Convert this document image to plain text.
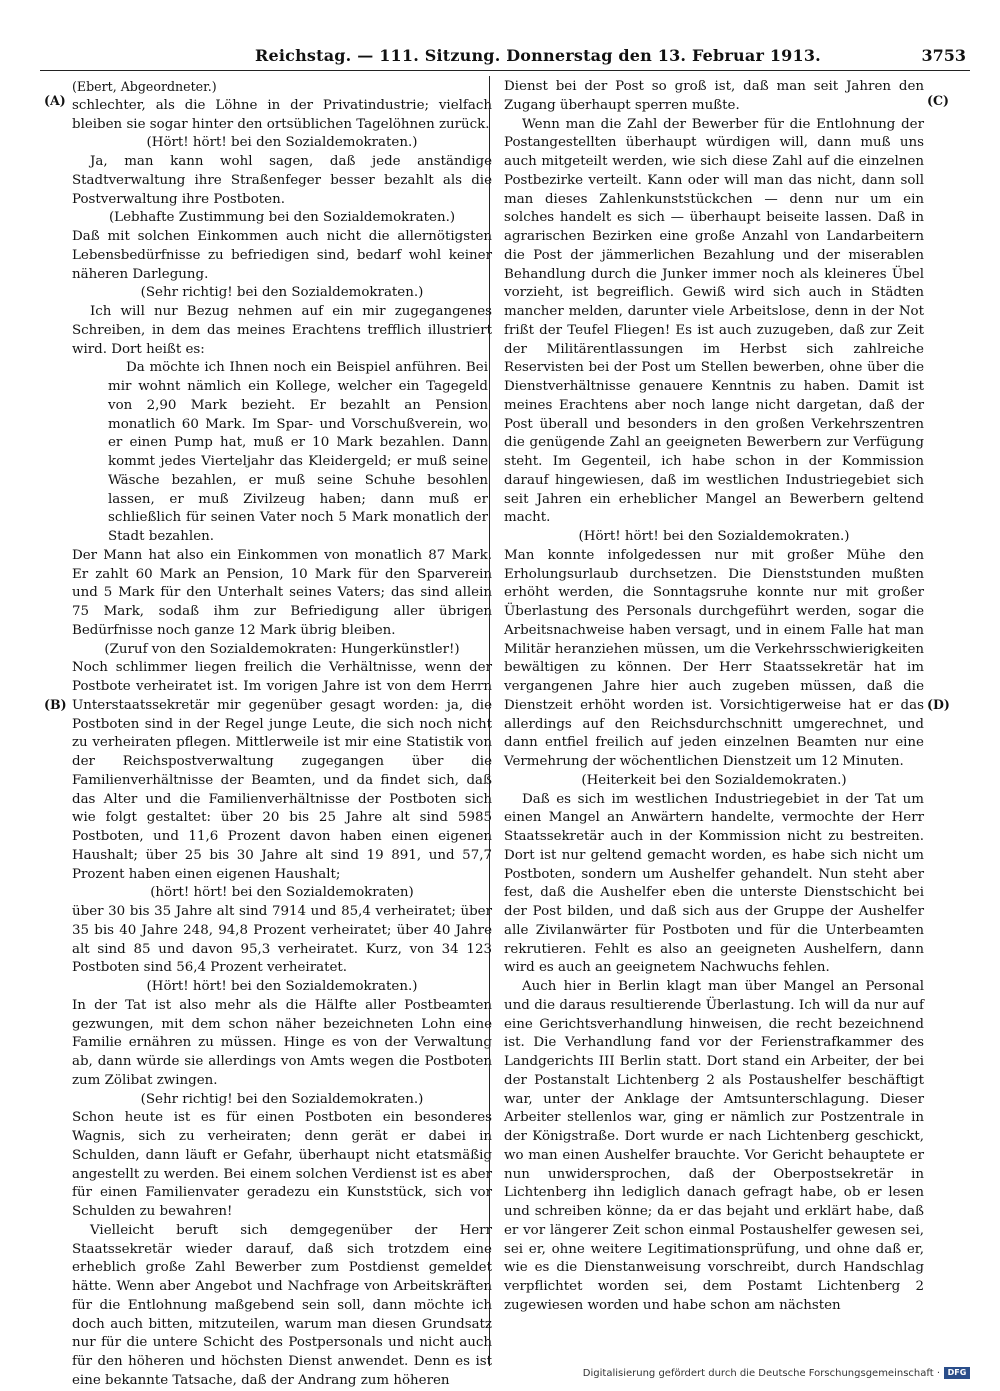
Reichstag. — 111. Sitzung. Donnerstag den 13. Februar 1913.	3753
(A)
(B)
(C)
(D)

(Ebert, Abgeordneter.)

schlechter, als die Löhne in der Privatindustrie; vielfach bleiben sie sogar hinter den ortsüblichen Tagelöhnen zurück.

(Hört! hört! bei den Sozialdemokraten.)

Ja, man kann wohl sagen, daß jede anständige Stadtverwaltung ihre Straßenfeger besser bezahlt als die Postverwaltung ihre Postboten.

(Lebhafte Zustimmung bei den Sozialdemokraten.)

Daß mit solchen Einkommen auch nicht die allernötigsten Lebensbedürfnisse zu befriedigen sind, bedarf wohl keiner näheren Darlegung.

(Sehr richtig! bei den Sozialdemokraten.)

Ich will nur Bezug nehmen auf ein mir zugegangenes Schreiben, in dem das meines Erachtens trefflich illustriert wird. Dort heißt es:

Da möchte ich Ihnen noch ein Beispiel anführen. Bei mir wohnt nämlich ein Kollege, welcher ein Tagegeld von 2,90 Mark bezieht. Er bezahlt an Pension monatlich 60 Mark. Im Spar- und Vorschußverein, wo er einen Pump hat, muß er 10 Mark bezahlen. Dann kommt jedes Vierteljahr das Kleidergeld; er muß seine Wäsche bezahlen, er muß seine Schuhe besohlen lassen, er muß Zivilzeug haben; dann muß er schließlich für seinen Vater noch 5 Mark monatlich der Stadt bezahlen.

Der Mann hat also ein Einkommen von monatlich 87 Mark. Er zahlt 60 Mark an Pension, 10 Mark für den Sparverein und 5 Mark für den Unterhalt seines Vaters; das sind allein 75 Mark, sodaß ihm zur Befriedigung aller übrigen Bedürfnisse noch ganze 12 Mark übrig bleiben.

(Zuruf von den Sozialdemokraten: Hungerkünstler!)

Noch schlimmer liegen freilich die Verhältnisse, wenn der Postbote verheiratet ist. Im vorigen Jahre ist von dem Herrn Unterstaatssekretär mir gegenüber gesagt worden: ja, die Postboten sind in der Regel junge Leute, die sich noch nicht zu verheiraten pflegen. Mittlerweile ist mir eine Statistik von der Reichspostverwaltung zugegangen über die Familienverhältnisse der Beamten, und da findet sich, daß das Alter und die Familienverhältnisse der Postboten sich wie folgt gestaltet: über 20 bis 25 Jahre alt sind 5985 Postboten, und 11,6 Prozent davon haben einen eigenen Haushalt; über 25 bis 30 Jahre alt sind 19 891, und 57,7 Prozent haben einen eigenen Haushalt;

(hört! hört! bei den Sozialdemokraten)

über 30 bis 35 Jahre alt sind 7914 und 85,4 verheiratet; über 35 bis 40 Jahre 248, 94,8 Prozent verheiratet; über 40 Jahre alt sind 85 und davon 95,3 verheiratet. Kurz, von 34 123 Postboten sind 56,4 Prozent verheiratet.

(Hört! hört! bei den Sozialdemokraten.)

In der Tat ist also mehr als die Hälfte aller Postbeamten gezwungen, mit dem schon näher bezeichneten Lohn eine Familie ernähren zu müssen. Hinge es von der Verwaltung ab, dann würde sie allerdings von Amts wegen die Postboten zum Zölibat zwingen.

(Sehr richtig! bei den Sozialdemokraten.)

Schon heute ist es für einen Postboten ein besonderes Wagnis, sich zu verheiraten; denn gerät er dabei in Schulden, dann läuft er Gefahr, überhaupt nicht etatsmäßig angestellt zu werden. Bei einem solchen Verdienst ist es aber für einen Familienvater geradezu ein Kunststück, sich vor Schulden zu bewahren!

Vielleicht beruft sich demgegenüber der Herr Staatssekretär wieder darauf, daß sich trotzdem eine erheblich große Zahl Bewerber zum Postdienst gemeldet hätte. Wenn aber Angebot und Nachfrage von Arbeitskräften für die Entlohnung maßgebend sein soll, dann möchte ich doch auch bitten, mitzuteilen, warum man diesen Grundsatz nur für die untere Schicht des Postpersonals und nicht auch für den höheren und höchsten Dienst anwendet. Denn es ist eine bekannte Tatsache, daß der Andrang zum höheren

Dienst bei der Post so groß ist, daß man seit Jahren den Zugang überhaupt sperren mußte.

Wenn man die Zahl der Bewerber für die Entlohnung der Postangestellten überhaupt würdigen will, dann muß uns auch mitgeteilt werden, wie sich diese Zahl auf die einzelnen Postbezirke verteilt. Kann oder will man das nicht, dann soll man dieses Zahlenkunststückchen — denn nur um ein solches handelt es sich — überhaupt beiseite lassen. Daß in agrarischen Bezirken eine große Anzahl von Landarbeitern die Post der jämmerlichen Bezahlung und der miserablen Behandlung durch die Junker immer noch als kleineres Übel vorzieht, ist begreiflich. Gewiß wird sich auch in Städten mancher melden, darunter viele Arbeitslose, denn in der Not frißt der Teufel Fliegen! Es ist auch zuzugeben, daß zur Zeit der Militärentlassungen im Herbst sich zahlreiche Reservisten bei der Post um Stellen bewerben, ohne über die Dienstverhältnisse genauere Kenntnis zu haben. Damit ist meines Erachtens aber noch lange nicht dargetan, daß der Post überall und besonders in den großen Verkehrszentren die genügende Zahl an geeigneten Bewerbern zur Verfügung steht. Im Gegenteil, ich habe schon in der Kommission darauf hingewiesen, daß im westlichen Industriegebiet sich seit Jahren ein erheblicher Mangel an Bewerbern geltend macht.

(Hört! hört! bei den Sozialdemokraten.)

Man konnte infolgedessen nur mit großer Mühe den Erholungsurlaub durchsetzen. Die Dienststunden mußten erhöht werden, die Sonntagsruhe konnte nur mit großer Überlastung des Personals durchgeführt werden, sogar die Arbeitsnachweise haben versagt, und in einem Falle hat man Militär heranziehen müssen, um die Verkehrsschwierigkeiten bewältigen zu können. Der Herr Staatssekretär hat im vergangenen Jahre hier auch zugeben müssen, daß die Dienstzeit erhöht worden ist. Vorsichtigerweise hat er das allerdings auf den Reichsdurchschnitt umgerechnet, und dann entfiel freilich auf jeden einzelnen Beamten nur eine Vermehrung der wöchentlichen Dienstzeit um 12 Minuten.

(Heiterkeit bei den Sozialdemokraten.)

Daß es sich im westlichen Industriegebiet in der Tat um einen Mangel an Anwärtern handelte, vermochte der Herr Staatssekretär auch in der Kommission nicht zu bestreiten. Dort ist nur geltend gemacht worden, es habe sich nicht um Postboten, sondern um Aushelfer gehandelt. Nun steht aber fest, daß die Aushelfer eben die unterste Dienstschicht bei der Post bilden, und daß sich aus der Gruppe der Aushelfer alle Zivilanwärter für Postboten und für die Unterbeamten rekrutieren. Fehlt es also an geeigneten Aushelfern, dann wird es auch an geeignetem Nachwuchs fehlen.

Auch hier in Berlin klagt man über Mangel an Personal und die daraus resultierende Überlastung. Ich will da nur auf eine Gerichtsverhandlung hinweisen, die recht bezeichnend ist. Die Verhandlung fand vor der Ferienstrafkammer des Landgerichts III Berlin statt. Dort stand ein Arbeiter, der bei der Postanstalt Lichtenberg 2 als Postaushelfer beschäftigt war, unter der Anklage der Amtsunterschlagung. Dieser Arbeiter stellenlos war, ging er nämlich zur Postzentrale in der Königstraße. Dort wurde er nach Lichtenberg geschickt, wo man einen Aushelfer brauchte. Vor Gericht behauptete er nun unwidersprochen, daß der Oberpostsekretär in Lichtenberg ihn lediglich danach gefragt habe, ob er lesen und schreiben könne; da er das bejaht und erklärt habe, daß er vor längerer Zeit schon einmal Postaushelfer gewesen sei, sei er, ohne weitere Legitimationsprüfung, und ohne daß er, wie es die Dienstanweisung vorschreibt, durch Handschlag verpflichtet worden sei, dem Postamt Lichtenberg 2 zugewiesen worden und habe schon am nächsten

Digitalisierung gefördert durch die Deutsche Forschungsgemeinschaft · DFG
